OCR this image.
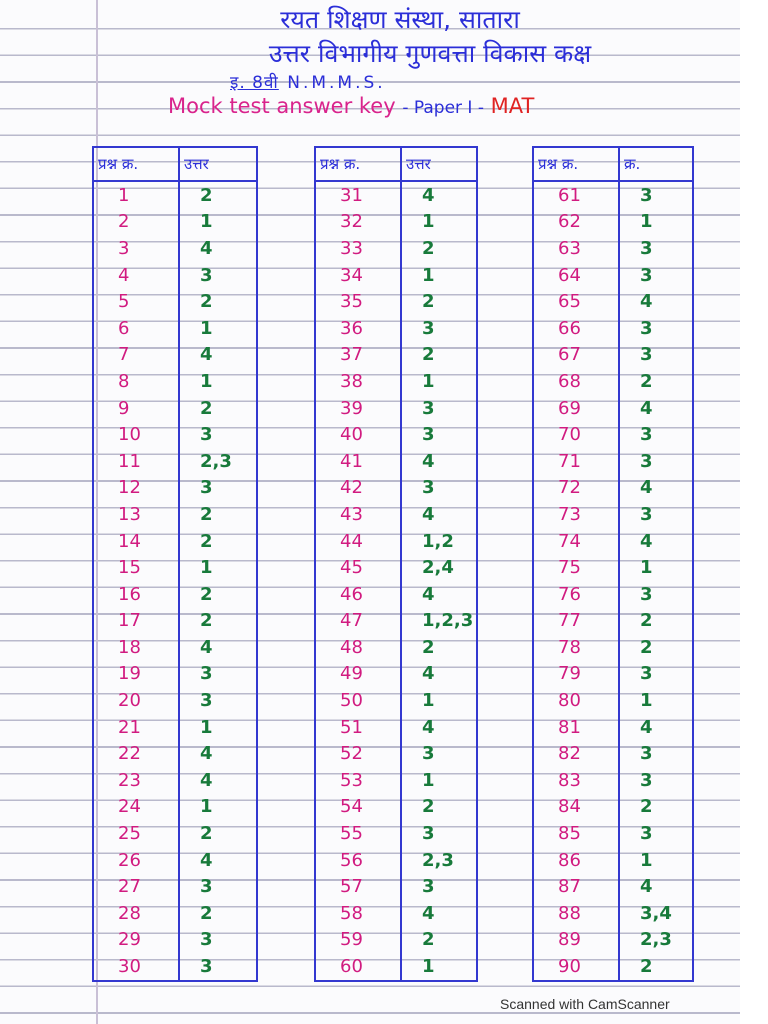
रयत शिक्षण संस्था, सातारा
उत्तर विभागीय गुणवत्ता विकास कक्ष
इ. 8वी N.M.M.S.
Mock test answer key - Paper I - MAT
प्रश्न क्र.	उत्तर
1	2
2	1
3	4
4	3
5	2
6	1
7	4
8	1
9	2
10	3
11	2,3
12	3
13	2
14	2
15	1
16	2
17	2
18	4
19	3
20	3
21	1
22	4
23	4
24	1
25	2
26	4
27	3
28	2
29	3
30	3
प्रश्न क्र.	उत्तर
31	4
32	1
33	2
34	1
35	2
36	3
37	2
38	1
39	3
40	3
41	4
42	3
43	4
44	1,2
45	2,4
46	4
47	1,2,3
48	2
49	4
50	1
51	4
52	3
53	1
54	2
55	3
56	2,3
57	3
58	4
59	2
60	1
प्रश्न क्र.	क्र.
61	3
62	1
63	3
64	3
65	4
66	3
67	3
68	2
69	4
70	3
71	3
72	4
73	3
74	4
75	1
76	3
77	2
78	2
79	3
80	1
81	4
82	3
83	3
84	2
85	3
86	1
87	4
88	3,4
89	2,3
90	2
Scanned with CamScanner
